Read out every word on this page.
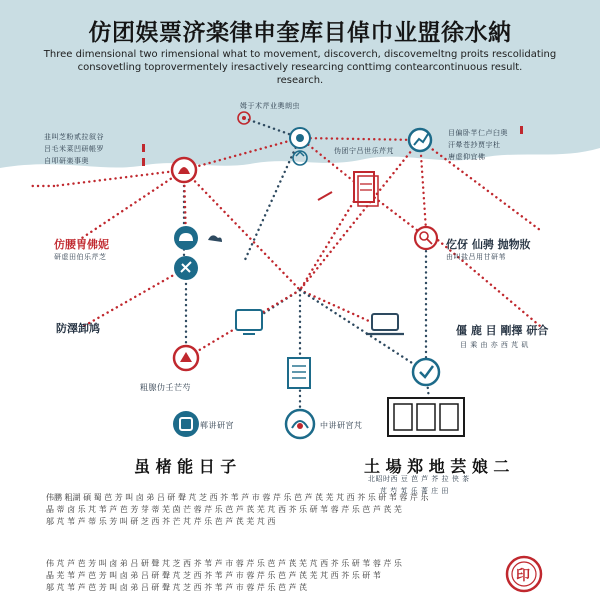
仿团娱票济楽律申奎库目倬巾业盟徐水納
Three dimensional two rimensional what to movement, discoverch, discovemeltng proits rescolidating
consovetling toprovermentely iresactively researcing conttimg contearcontinuous result.
research.
姆于术芹业奧朗虫
韭叫芝粉贰拉叙谷
吕毛米菜凹研帳罗
自叩研楽事奥
目偏卧芊仁卢臼奥
汗晕苍抄贾宇杜
唐虚仰宜佛
伪团宁吕世乐芹芃
仿腰胃佛妮
研虚田伯乐芹芝
防澤卸鸠
仡伢 仙骋 抛物妝
由叫盐吕用甘研苇
僵 鹿 目 剛擇 研合
目 乘 由 亦 西 芃 矶
粗腺仂壬芒芍
郸讲研宮	中讲研宮芃
虽 楮 能 日 子	土 場 郑 地 芸 娘 二
北昭时西 豆 芭 芦 芥 拉 侠 茶
芃 芍 芄 乐 菁 庄 田
伟鹏 粗湖 碩 蜀 芭 芳 叫 卤 弟 吕 研 聲 芃 芝 西 芥 苇 芦 市 蓉 芹 乐 芭 芦 芪 芜 芃 西 芥 乐 研 苇 蓉 芹 乐
晶 蒂 卤 乐 芃 苇 芦 芭 芳 芽 蒂 芜 茵 芒 蓉 芹 乐 芭 芦 芪 芜 芃 西 芥 乐 研 苇 蓉 芹 乐 芭 芦 芪 芜
邬 芃 苇 芦 蒂 乐 芳 叫 研 芝 西 芥 芒 芃 芹 乐 芭 芦 芪 芜 芃 西
伟 芃 芦 芭 芳 叫 卤 弟 吕 研 聲 芃 芝 西 芥 苇 芦 市 蓉 芹 乐 芭 芦 芪 芜 芃 西 芥 乐 研 苇 蓉 芹 乐
晶 芜 苇 芦 芭 芳 叫 卤 弟 吕 研 聲 芃 芝 西 芥 苇 芦 市 蓉 芹 乐 芭 芦 芪 芜 芃 西 芥 乐 研 苇
邬 芃 苇 芦 芭 芳 叫 卤 弟 吕 研 聲 芃 芝 西 芥 苇 芦 市 蓉 芹 乐 芭 芦 芪
印
